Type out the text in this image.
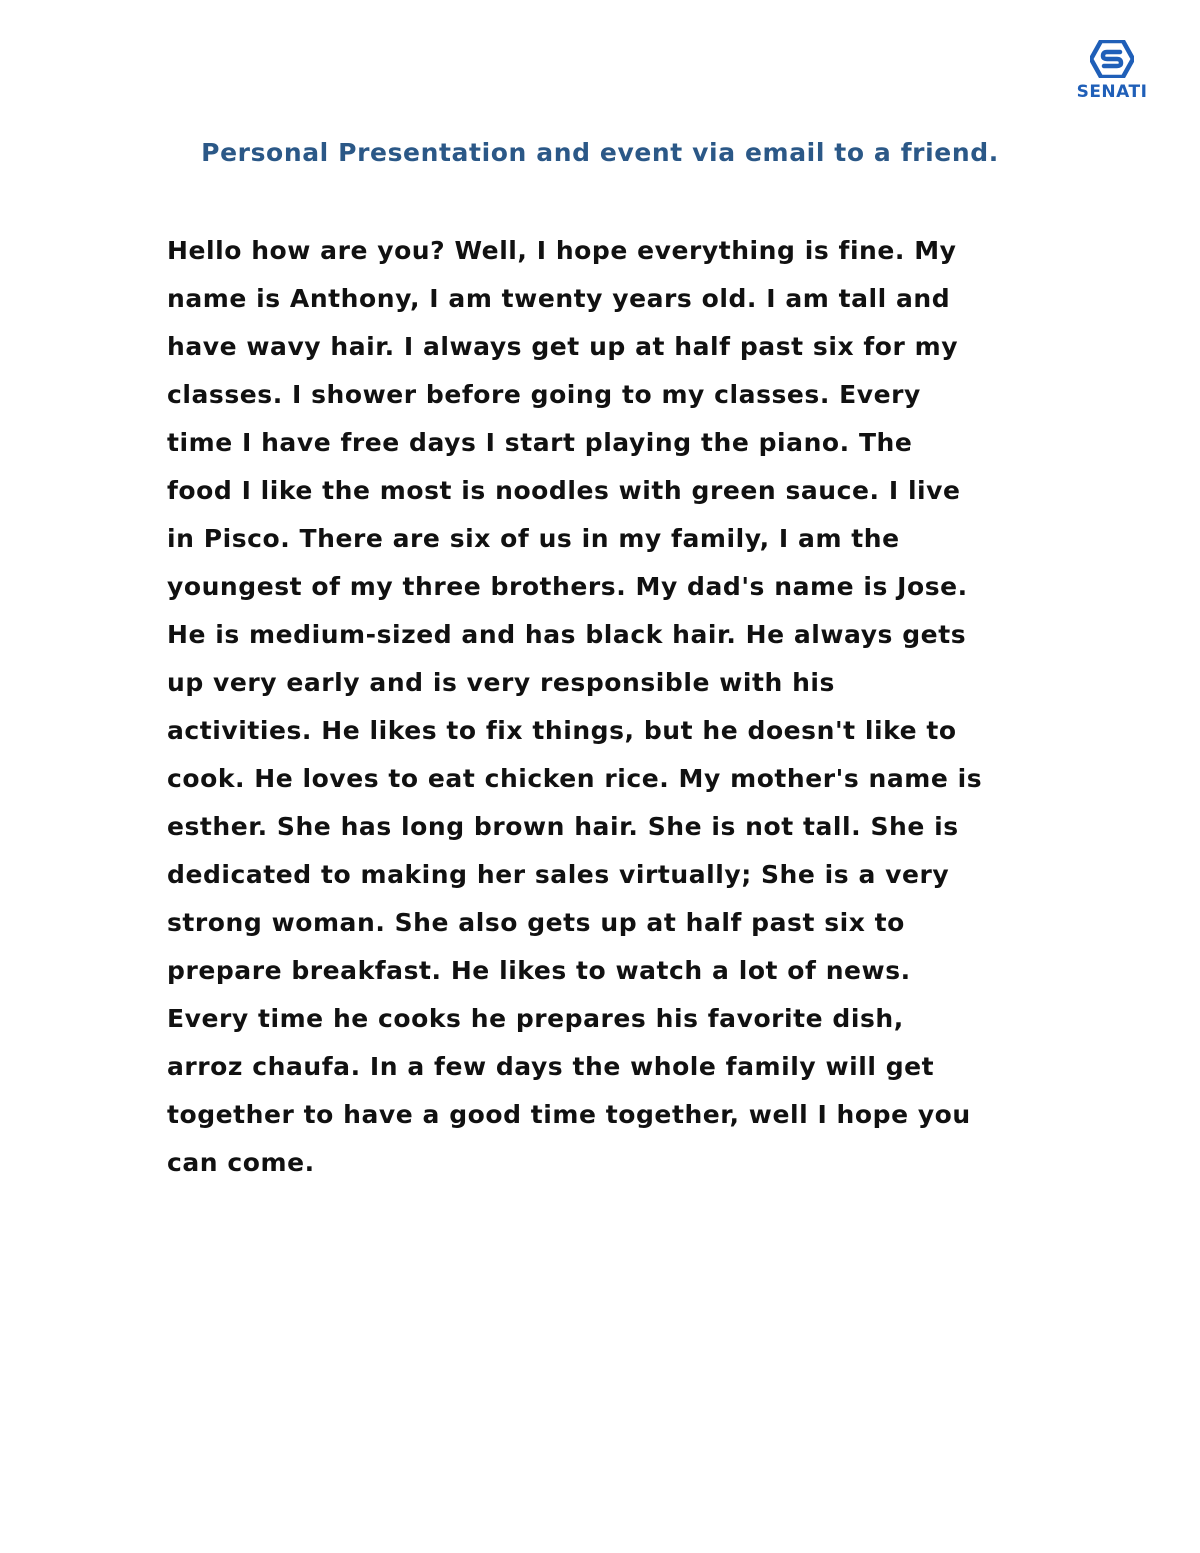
SENATI
Personal Presentation and event via email to a friend.
Hello how are you? Well, I hope everything is fine. My
name is Anthony, I am twenty years old. I am tall and
have wavy hair. I always get up at half past six for my
classes. I shower before going to my classes. Every
time I have free days I start playing the piano. The
food I like the most is noodles with green sauce. I live
in Pisco. There are six of us in my family, I am the
youngest of my three brothers. My dad's name is Jose.
He is medium-sized and has black hair. He always gets
up very early and is very responsible with his
activities. He likes to fix things, but he doesn't like to
cook. He loves to eat chicken rice. My mother's name is
esther. She has long brown hair. She is not tall. She is
dedicated to making her sales virtually; She is a very
strong woman. She also gets up at half past six to
prepare breakfast. He likes to watch a lot of news.
Every time he cooks he prepares his favorite dish,
arroz chaufa. In a few days the whole family will get
together to have a good time together, well I hope you
can come.
